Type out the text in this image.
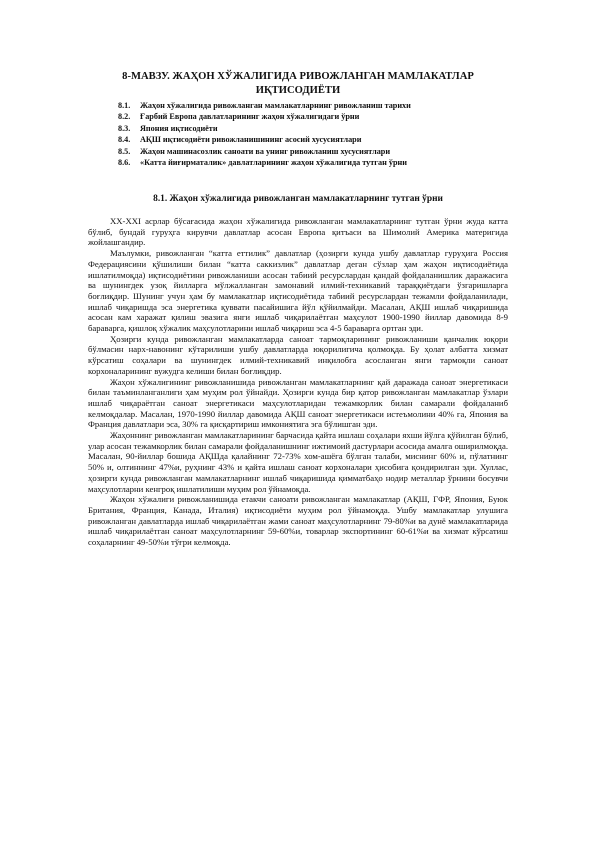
8-МАВЗУ. ЖАҲОН ХЎЖАЛИГИДА РИВОЖЛАНГАН МАМЛАКАТЛАР ИҚТИСОДИЁТИ
8.1. Жаҳон хўжалигида ривожланган мамлакатларнинг ривожланиш тарихи
8.2. Ғарбий Европа давлатларининг жаҳон хўжалигидаги ўрни
8.3. Япония иқтисодиёти
8.4. АҚШ иқтисодиёти ривожланишининг асосий хусусиятлари
8.5. Жаҳон машинасозлик саноати ва унинг ривожланиш хусусиятлари
8.6. «Катта йиғирматалик» давлатларининг жаҳон хўжалигида тутган ўрни
8.1. Жаҳон хўжалигида ривожланган мамлакатларнинг тутган ўрни

XX-XXI асрлар бўсағасида жаҳон хўжалигида ривожланган мамлакатларнинг тутган ўрни жуда катта бўлиб, бундай гуруҳга кирувчи давлатлар асосан Европа қитъаси ва Шимолий Америка материгида жойлашгандир.

Маълумки, ривожланган “катта еттилик” давлатлар (ҳозирги кунда ушбу давлатлар гуруҳига Россия Федерациясини қўшилиши билан “катта саккизлик” давлатлар деган сўзлар ҳам жаҳон иқтисодиётида ишлатилмоқда) иқтисодиётини ривожланиши асосан табиий ресурслардан қандай фойдаланишлик даражасига ва шунингдек узоқ йилларга мўлжалланган замонавий илмий-техникавий тараққиётдаги ўзгаришларга боғлиқдир. Шунинг учун ҳам бу мамлакатлар иқтисодиётида табиий ресурслардан тежамли фойдаланилади, ишлаб чиқаришда эса энергетика қуввати пасайишига йўл қўйилмайди. Масалан, АҚШ ишлаб чиқаришида асосан кам харажат қилиш эвазига янги ишлаб чиқарилаётган маҳсулот 1900-1990 йиллар давомида 8-9 бараварга, қишлоқ хўжалик маҳсулотларини ишлаб чиқариш эса 4-5 бараварга ортган эди.

Ҳозирги кунда ривожланган мамлакатларда саноат тармоқларининг ривожланиши қанчалик юқори бўлмасин нарх-навонинг кўтарилиши ушбу давлатларда юқорилигича қолмоқда. Бу ҳолат албатта хизмат кўрсатиш соҳалари ва шунингдек илмий-техникавий инқилобга асосланган янги тармоқли саноат корхоналарининг вужудга келиши билан боғлиқдир.

Жаҳон хўжалигининг ривожланишида ривожланган мамлакатларнинг қай даражада саноат энергетикаси билан таъминланганлиги ҳам муҳим рол ўйнайди. Ҳозирги кунда бир қатор ривожланган мамлакатлар ўзлари ишлаб чиқараётган саноат энергетикаси маҳсулотларидан тежамкорлик билан самарали фойдаланиб келмоқдалар. Масалан, 1970-1990 йиллар давомида АҚШ саноат энергетикаси истеъмолини 40% га, Япония ва Франция давлатлари эса, 30% га қисқартириш имкониятига эга бўлишган эди.

Жаҳоннинг ривожланган мамлакатларининг барчасида қайта ишлаш соҳалари яхши йўлга қўйилган бўлиб, улар асосан тежамкорлик билан самарали фойдаланишнинг ижтимоий дастурлари асосида амалга оширилмоқда. Масалан, 90-йиллар бошида АҚШда қалайнинг 72-73% хом-ашёга бўлган талаби, миснинг 60% и, пўлатнинг 50% и, олтиннинг 47%и, руҳнинг 43% и қайта ишлаш саноат корхоналари ҳисобига қондирилган эди. Хуллас, ҳозирги кунда ривожланган мамлакатларнинг ишлаб чиқаришида қимматбаҳо нодир металлар ўрнини босувчи маҳсулотларни кенгроқ ишлатилиши муҳим рол ўйнамоқда.

Жаҳон хўжалиги ривожланишида етакчи саноати ривожланган мамлакатлар (АҚШ, ГФР, Япония, Буюк Британия, Франция, Канада, Италия) иқтисодиёти муҳим рол ўйнамоқда. Ушбу мамлакатлар улушига ривожланган давлатларда ишлаб чиқарилаётган жами саноат маҳсулотларнинг 79-80%и ва дунё мамлакатларида ишлаб чиқарилаётган саноат маҳсулотларнинг 59-60%и, товарлар экспортининг 60-61%и ва хизмат кўрсатиш соҳаларнинг 49-50%и тўғри келмоқда.
